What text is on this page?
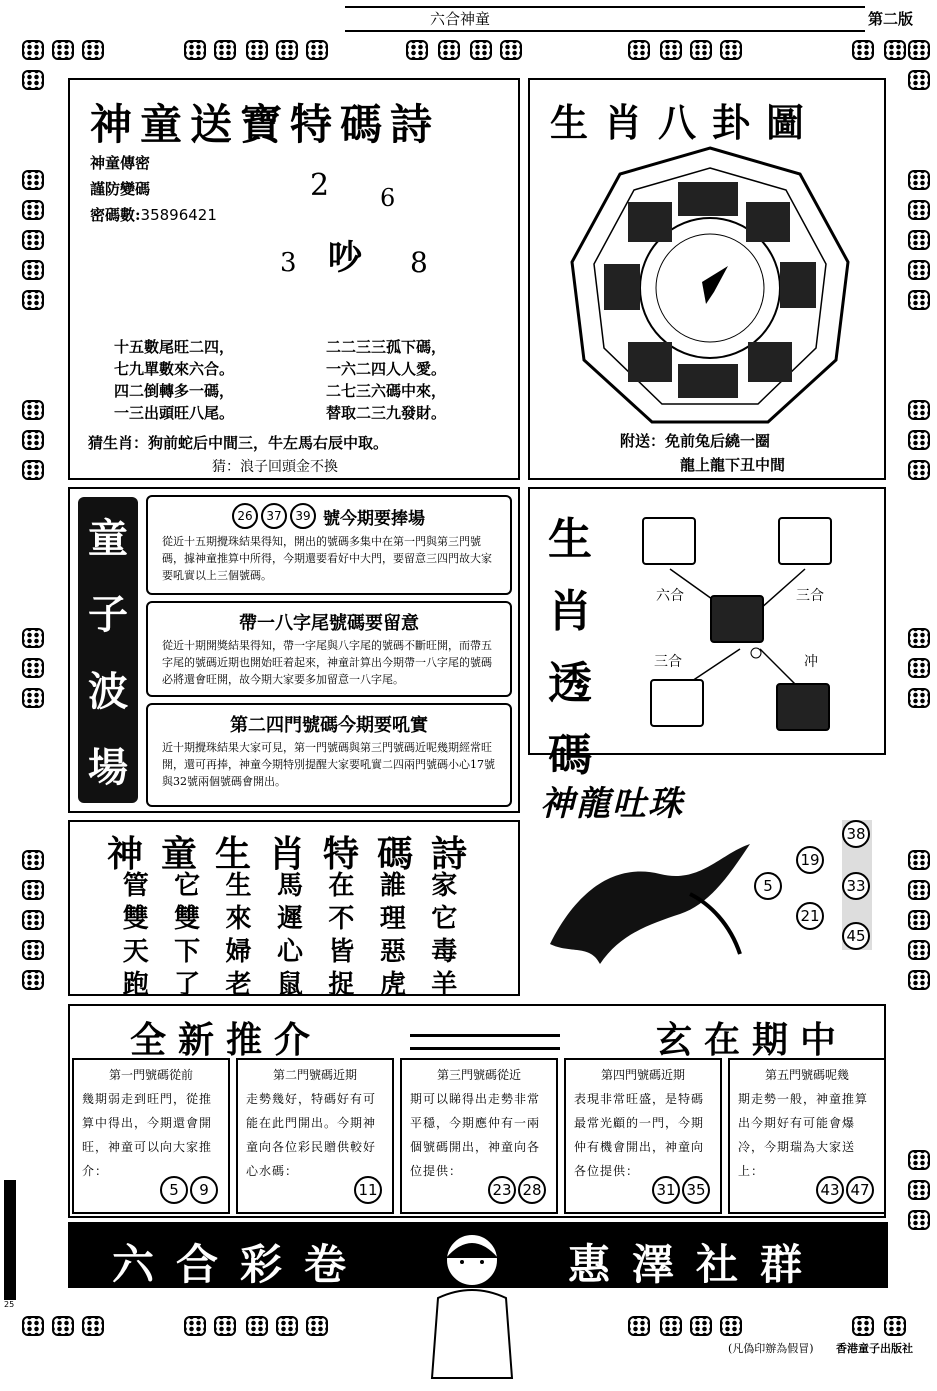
六合神童	第二版
神童送寶特碼詩
神童傳密
謹防變碼
密碼數:35896421
2 6
3 吵 8
十五數尾旺二四，
七九單數來六合。
四二倒轉多一碼，
一三出頭旺八尾。
二二三三孤下碼，
一六二四人人愛。
二七三六碼中來，
替取二三九發財。
猜生肖：狗前蛇后中間三，牛左馬右辰中取。
猜：浪子回頭金不換
生肖八卦圖
附送：免前兔后繞一圈
龍上龍下丑中間
童
子
波
場
26	37	39 號今期要捧場
從近十五期攪珠結果得知，開出的號碼多集中在第一門與第三門號碼，據神童推算中所得，今期還要看好中大門，要留意三四門故大家要吼實以上三個號碼。
帶一八字尾號碼要留意
從近十期開獎結果得知，帶一字尾與八字尾的號碼不斷旺開，而帶五字尾的號碼近期也開始旺着起來，神童計算出今期帶一八字尾的號碼必將還會旺開，故今期大家要多加留意一八字尾。
第二四門號碼今期要吼實
近十期攪珠結果大家可見，第一門號碼與第三門號碼近呢幾期經常旺開，還可再捧，神童今期特別提醒大家要吼實二四兩門號碼小心17號與32號兩個號碼會開出。
生
肖
透
碼
六合	三合
三合	冲
神龍吐珠
38
19
5	33
21
45
神童生肖特碼詩
管 它 生 馬 在 誰 家
雙 雙 來 遲 不 理 它
天 下 婦 心 皆 惡 毒
跑 了 老 鼠 捉 虎 羊
全新推介	玄在期中
第一門號碼從前
幾期弱走到旺門，從推算中得出，今期還會開旺，神童可以向大家推介：
5	9
第二門號碼近期
走勢幾好，特碼好有可能在此門開出。今期神童向各位彩民贈供較好心水碼：
11
第三門號碼從近
期可以睇得出走勢非常平穩，今期應仲有一兩個號碼開出，神童向各位提供：
23 28
第四門號碼近期
表現非常旺盛，是特碼最常光顧的一門，今期仲有機會開出，神童向各位提供：
31 35
第五門號碼呢幾
期走勢一般，神童推算出今期好有可能會爆冷，今期瑞為大家送上：
43 47
六合彩卷	惠澤社群
(凡偽印辦為假冒) 香港童子出版社
25
